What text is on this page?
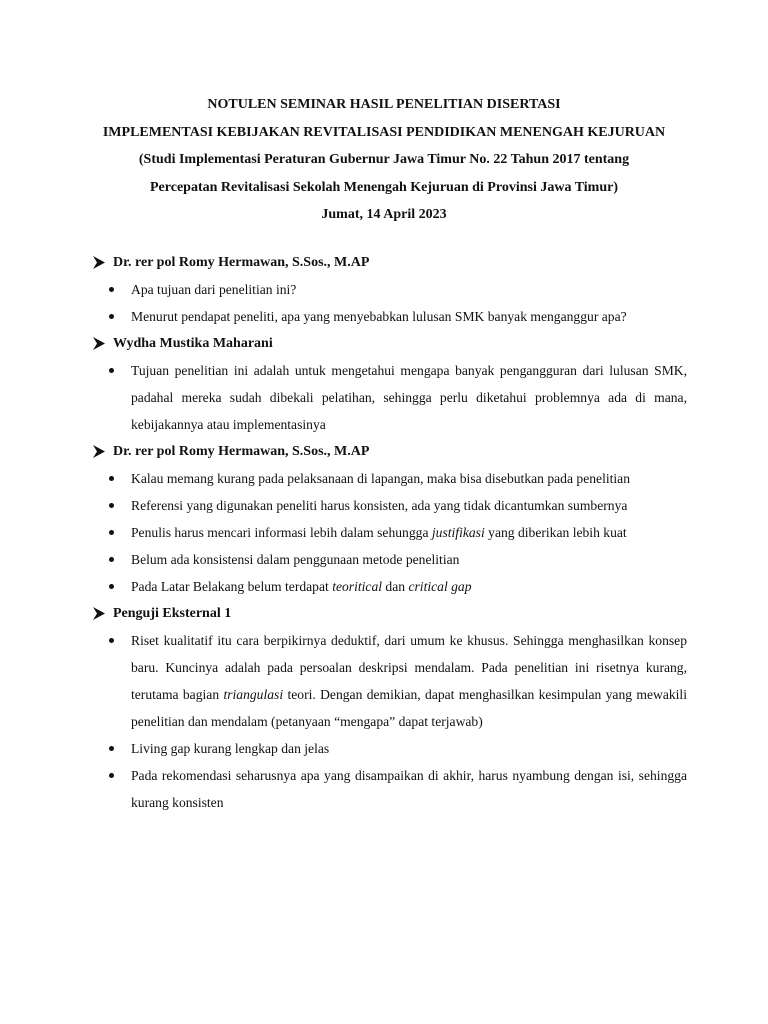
NOTULEN SEMINAR HASIL PENELITIAN DISERTASI
IMPLEMENTASI KEBIJAKAN REVITALISASI PENDIDIKAN MENENGAH KEJURUAN
(Studi Implementasi Peraturan Gubernur Jawa Timur No. 22 Tahun 2017 tentang
Percepatan Revitalisasi Sekolah Menengah Kejuruan di Provinsi Jawa Timur)
Jumat, 14 April 2023
Dr. rer pol Romy Hermawan, S.Sos., M.AP
Apa tujuan dari penelitian ini?
Menurut pendapat peneliti, apa yang menyebabkan lulusan SMK banyak menganggur apa?
Wydha Mustika Maharani
Tujuan penelitian ini adalah untuk mengetahui mengapa banyak pengangguran dari lulusan SMK, padahal mereka sudah dibekali pelatihan, sehingga perlu diketahui problemnya ada di mana, kebijakannya atau implementasinya
Dr. rer pol Romy Hermawan, S.Sos., M.AP
Kalau memang kurang pada pelaksanaan di lapangan, maka bisa disebutkan pada penelitian
Referensi yang digunakan peneliti harus konsisten, ada yang tidak dicantumkan sumbernya
Penulis harus mencari informasi lebih dalam sehungga justifikasi yang diberikan lebih kuat
Belum ada konsistensi dalam penggunaan metode penelitian
Pada Latar Belakang belum terdapat teoritical dan critical gap
Penguji Eksternal 1
Riset kualitatif itu cara berpikirnya deduktif, dari umum ke khusus. Sehingga menghasilkan konsep baru. Kuncinya adalah pada persoalan deskripsi mendalam. Pada penelitian ini risetnya kurang, terutama bagian triangulasi teori. Dengan demikian, dapat menghasilkan kesimpulan yang mewakili penelitian dan mendalam (petanyaan “mengapa” dapat terjawab)
Living gap kurang lengkap dan jelas
Pada rekomendasi seharusnya apa yang disampaikan di akhir, harus nyambung dengan isi, sehingga kurang konsisten
